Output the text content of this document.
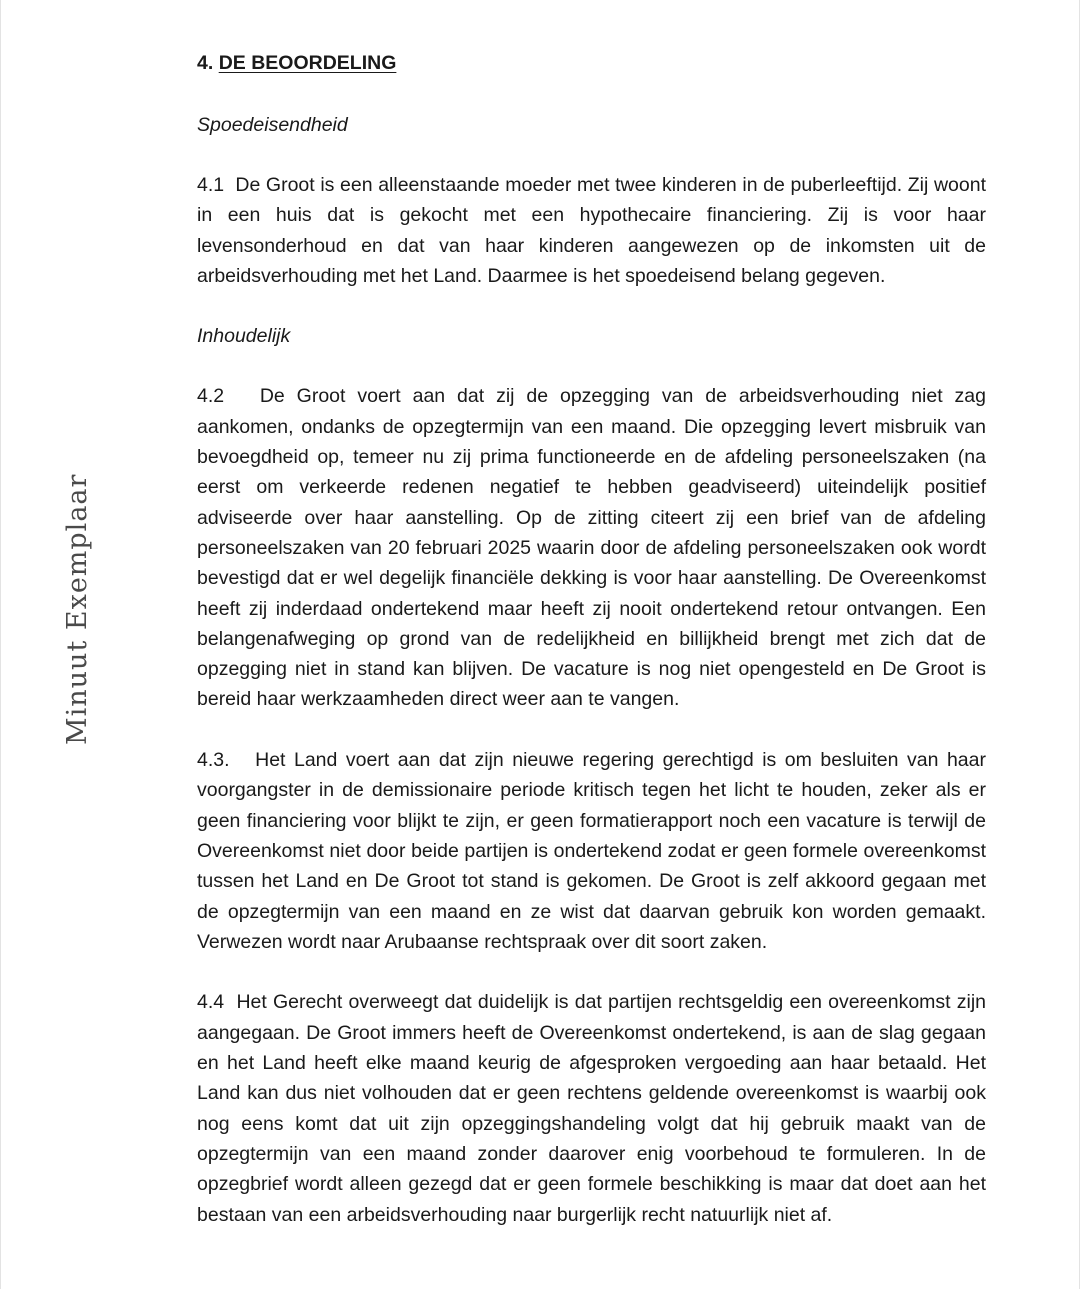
Minuut Exemplaar
4. DE BEOORDELING
Spoedeisendheid

4.1 De Groot is een alleenstaande moeder met twee kinderen in de puberleeftijd. Zij woont in een huis dat is gekocht met een hypothecaire financiering. Zij is voor haar levensonderhoud en dat van haar kinderen aangewezen op de inkomsten uit de arbeidsverhouding met het Land. Daarmee is het spoedeisend belang gegeven.

Inhoudelijk

4.2 De Groot voert aan dat zij de opzegging van de arbeidsverhouding niet zag aankomen, ondanks de opzegtermijn van een maand. Die opzegging levert misbruik van bevoegdheid op, temeer nu zij prima functioneerde en de afdeling personeelszaken (na eerst om verkeerde redenen negatief te hebben geadviseerd) uiteindelijk positief adviseerde over haar aanstelling. Op de zitting citeert zij een brief van de afdeling personeelszaken van 20 februari 2025 waarin door de afdeling personeelszaken ook wordt bevestigd dat er wel degelijk financiële dekking is voor haar aanstelling. De Overeenkomst heeft zij inderdaad ondertekend maar heeft zij nooit ondertekend retour ontvangen. Een belangenafweging op grond van de redelijkheid en billijkheid brengt met zich dat de opzegging niet in stand kan blijven. De vacature is nog niet opengesteld en De Groot is bereid haar werkzaamheden direct weer aan te vangen.

4.3. Het Land voert aan dat zijn nieuwe regering gerechtigd is om besluiten van haar voorgangster in de demissionaire periode kritisch tegen het licht te houden, zeker als er geen financiering voor blijkt te zijn, er geen formatierapport noch een vacature is terwijl de Overeenkomst niet door beide partijen is ondertekend zodat er geen formele overeenkomst tussen het Land en De Groot tot stand is gekomen. De Groot is zelf akkoord gegaan met de opzegtermijn van een maand en ze wist dat daarvan gebruik kon worden gemaakt. Verwezen wordt naar Arubaanse rechtspraak over dit soort zaken.

4.4 Het Gerecht overweegt dat duidelijk is dat partijen rechtsgeldig een overeenkomst zijn aangegaan. De Groot immers heeft de Overeenkomst ondertekend, is aan de slag gegaan en het Land heeft elke maand keurig de afgesproken vergoeding aan haar betaald. Het Land kan dus niet volhouden dat er geen rechtens geldende overeenkomst is waarbij ook nog eens komt dat uit zijn opzeggingshandeling volgt dat hij gebruik maakt van de opzegtermijn van een maand zonder daarover enig voorbehoud te formuleren. In de opzegbrief wordt alleen gezegd dat er geen formele beschikking is maar dat doet aan het bestaan van een arbeidsverhouding naar burgerlijk recht natuurlijk niet af.
